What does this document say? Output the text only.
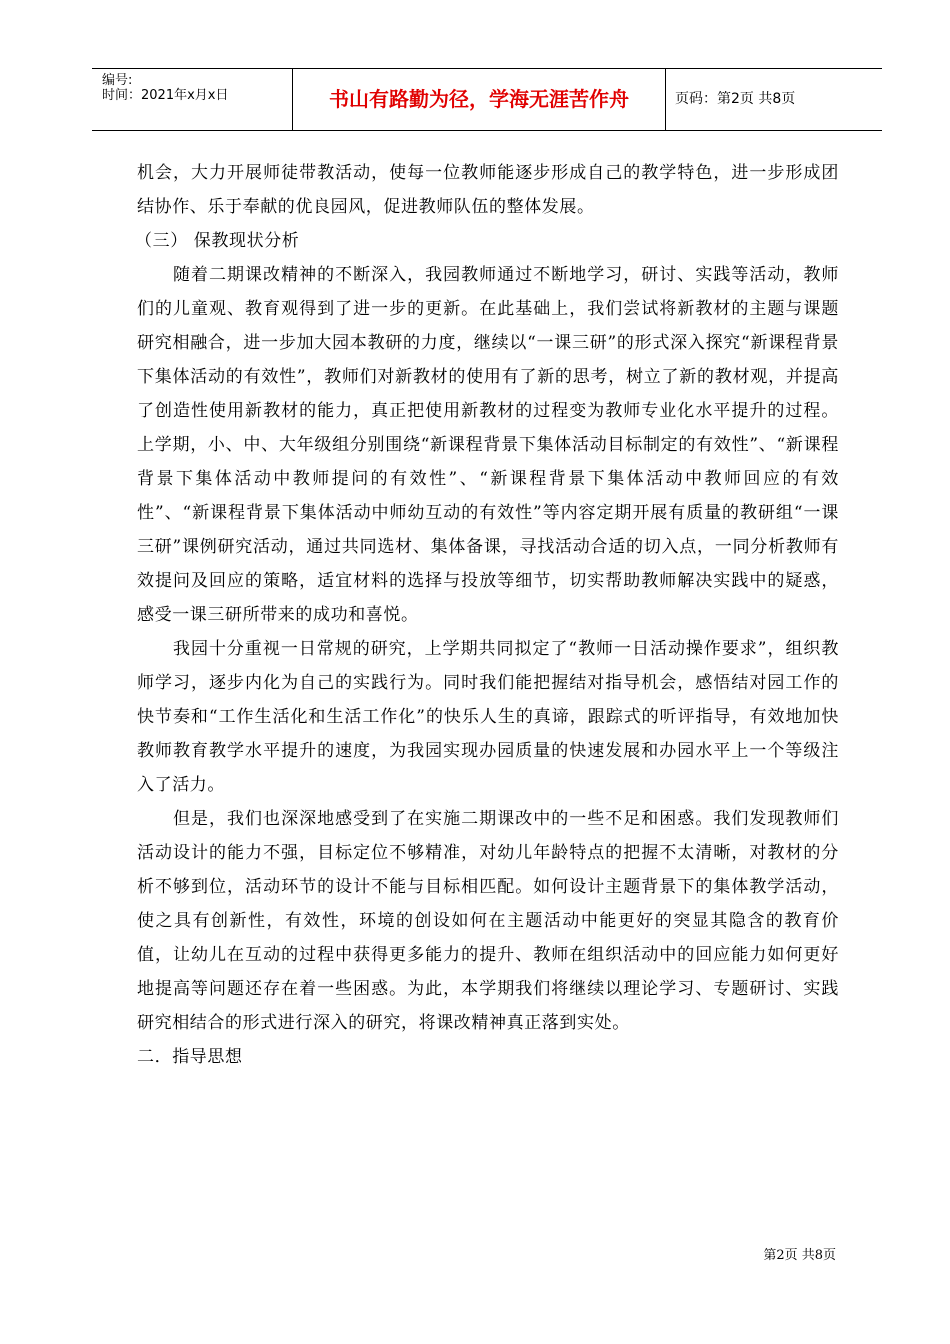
编号:
时间：2021年x月x日	书山有路勤为径，学海无涯苦作舟	页码：第2页 共8页

机会，大力开展师徒带教活动，使每一位教师能逐步形成自己的教学特色，进一步形成团结协作、乐于奉献的优良园风，促进教师队伍的整体发展。

（三） 保教现状分析

随着二期课改精神的不断深入，我园教师通过不断地学习，研讨、实践等活动，教师们的儿童观、教育观得到了进一步的更新。在此基础上，我们尝试将新教材的主题与课题研究相融合，进一步加大园本教研的力度，继续以“一课三研”的形式深入探究“新课程背景下集体活动的有效性”，教师们对新教材的使用有了新的思考，树立了新的教材观，并提高了创造性使用新教材的能力，真正把使用新教材的过程变为教师专业化水平提升的过程。上学期，小、中、大年级组分别围绕“新课程背景下集体活动目标制定的有效性”、“新课程背景下集体活动中教师提问的有效性”、“新课程背景下集体活动中教师回应的有效性”、“新课程背景下集体活动中师幼互动的有效性”等内容定期开展有质量的教研组“一课三研”课例研究活动，通过共同选材、集体备课，寻找活动合适的切入点，一同分析教师有效提问及回应的策略，适宜材料的选择与投放等细节，切实帮助教师解决实践中的疑惑，感受一课三研所带来的成功和喜悦。

我园十分重视一日常规的研究，上学期共同拟定了“教师一日活动操作要求”，组织教师学习，逐步内化为自己的实践行为。同时我们能把握结对指导机会，感悟结对园工作的快节奏和“工作生活化和生活工作化”的快乐人生的真谛，跟踪式的听评指导，有效地加快教师教育教学水平提升的速度，为我园实现办园质量的快速发展和办园水平上一个等级注入了活力。

但是，我们也深深地感受到了在实施二期课改中的一些不足和困惑。我们发现教师们活动设计的能力不强，目标定位不够精准，对幼儿年龄特点的把握不太清晰，对教材的分析不够到位，活动环节的设计不能与目标相匹配。如何设计主题背景下的集体教学活动，使之具有创新性，有效性，环境的创设如何在主题活动中能更好的突显其隐含的教育价值，让幼儿在互动的过程中获得更多能力的提升、教师在组织活动中的回应能力如何更好地提高等问题还存在着一些困惑。为此，本学期我们将继续以理论学习、专题研讨、实践研究相结合的形式进行深入的研究，将课改精神真正落到实处。

二．指导思想

第2页 共8页
